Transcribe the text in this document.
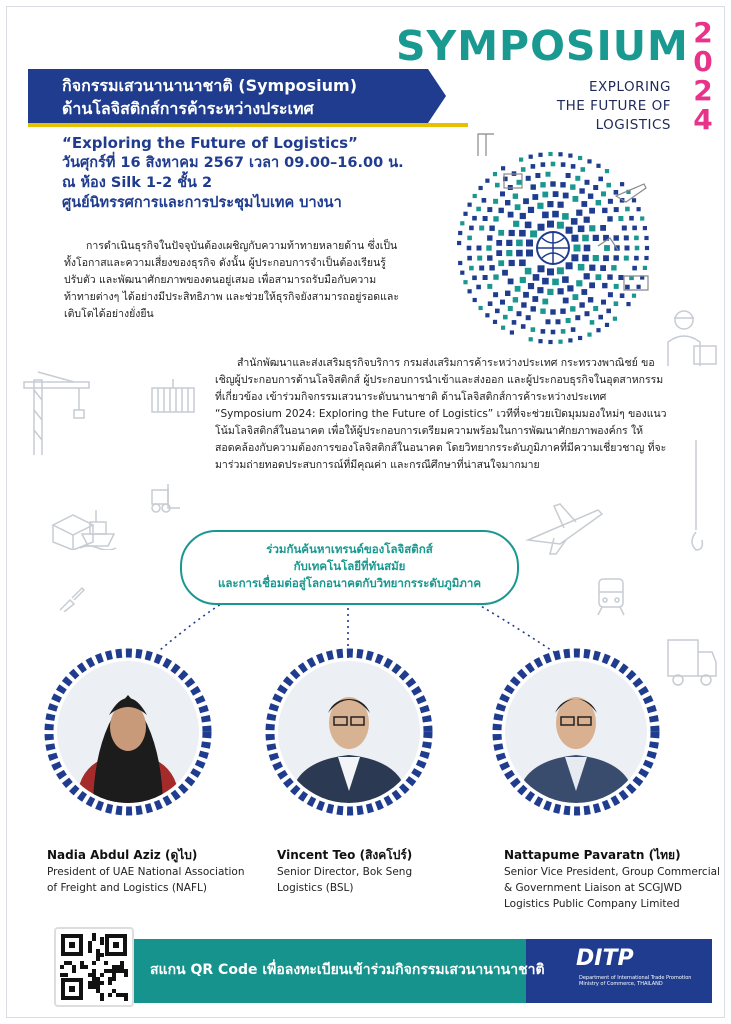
กิจกรรมเสวนานานาชาติ (Symposium)
ด้านโลจิสติกส์การค้าระหว่างประเทศ
“Exploring the Future of Logistics”
วันศุกร์ที่ 16 สิงหาคม 2567 เวลา 09.00–16.00 น.
ณ ห้อง Silk 1-2 ชั้น 2
ศูนย์นิทรรศการและการประชุมไบเทค บางนา
SYMPOSIUM 2
0
2
4
EXPLORING
THE FUTURE OF
LOGISTICS

การดำเนินธุรกิจในปัจจุบันต้องเผชิญกับความท้าทายหลายด้าน ซึ่งเป็นทั้งโอกาสและความเสี่ยงของธุรกิจ ดังนั้น ผู้ประกอบการจำเป็นต้องเรียนรู้ ปรับตัว และพัฒนาศักยภาพของตนอยู่เสมอ เพื่อสามารถรับมือกับความท้าทายต่างๆ ได้อย่างมีประสิทธิภาพ และช่วยให้ธุรกิจยังสามารถอยู่รอดและเติบโตได้อย่างยั่งยืน

สำนักพัฒนาและส่งเสริมธุรกิจบริการ กรมส่งเสริมการค้าระหว่างประเทศ กระทรวงพาณิชย์ ขอเชิญผู้ประกอบการด้านโลจิสติกส์ ผู้ประกอบการนำเข้าและส่งออก และผู้ประกอบธุรกิจในอุตสาหกรรมที่เกี่ยวข้อง เข้าร่วมกิจกรรมเสวนาระดับนานาชาติ ด้านโลจิสติกส์การค้าระหว่างประเทศ “Symposium 2024: Exploring the Future of Logistics” เวทีที่จะช่วยเปิดมุมมองใหม่ๆ ของแนวโน้มโลจิสติกส์ในอนาคต เพื่อให้ผู้ประกอบการเตรียมความพร้อมในการพัฒนาศักยภาพองค์กร ให้สอดคล้องกับความต้องการของโลจิสติกส์ในอนาคต โดยวิทยากรระดับภูมิภาคที่มีความเชี่ยวชาญ ที่จะมาร่วมถ่ายทอดประสบการณ์ที่มีคุณค่า และกรณีศึกษาที่น่าสนใจมากมาย

ร่วมกันค้นหาเทรนด์ของโลจิสติกส์
กับเทคโนโลยีที่ทันสมัย
และการเชื่อมต่อสู่โลกอนาคตกับวิทยากรระดับภูมิภาค
Nadia Abdul Aziz (ดูไบ)
President of UAE National Association
of Freight and Logistics (NAFL)
Vincent Teo (สิงคโปร์)
Senior Director, Bok Seng
Logistics (BSL)
Nattapume Pavaratn (ไทย)
Senior Vice President, Group Commercial
& Government Liaison at SCGJWD
Logistics Public Company Limited
สแกน QR Code เพื่อลงทะเบียนเข้าร่วมกิจกรรมเสวนานานาชาติ DITP
Department of International Trade Promotion
Ministry of Commerce, THAILAND
